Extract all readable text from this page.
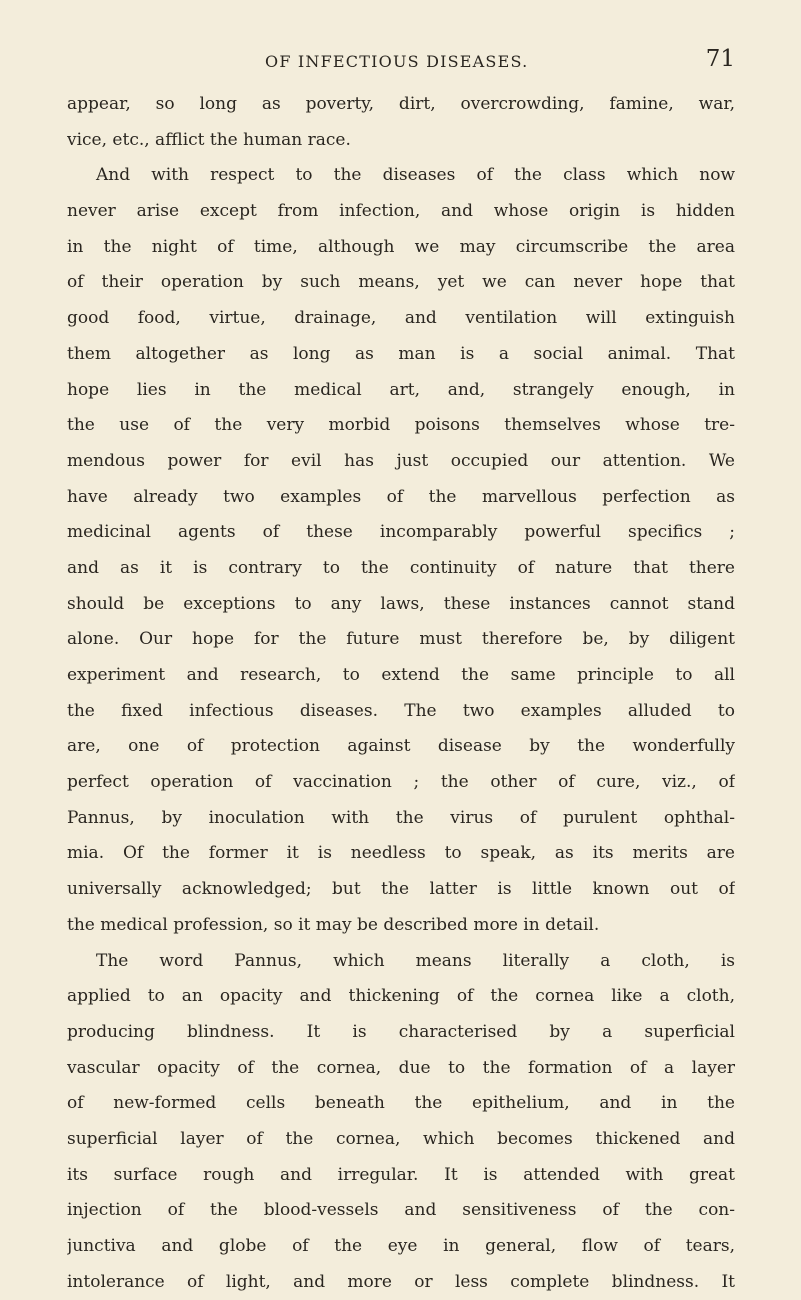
OF INFECTIOUS DISEASES.	71
appear, so long as poverty, dirt, overcrowding, famine, war,
vice, etc., afflict the human race.
And with respect to the diseases of the class which now
never arise except from infection, and whose origin is hidden
in the night of time, although we may circumscribe the area
of their operation by such means, yet we can never hope that
good food, virtue, drainage, and ventilation will extinguish
them altogether as long as man is a social animal. That
hope lies in the medical art, and, strangely enough, in
the use of the very morbid poisons themselves whose tre-
mendous power for evil has just occupied our attention. We
have already two examples of the marvellous perfection as
medicinal agents of these incomparably powerful specifics ;
and as it is contrary to the continuity of nature that there
should be exceptions to any laws, these instances cannot stand
alone. Our hope for the future must therefore be, by diligent
experiment and research, to extend the same principle to all
the fixed infectious diseases. The two examples alluded to
are, one of protection against disease by the wonderfully
perfect operation of vaccination ; the other of cure, viz., of
Pannus, by inoculation with the virus of purulent ophthal-
mia. Of the former it is needless to speak, as its merits are
universally acknowledged; but the latter is little known out of
the medical profession, so it may be described more in detail.
The word Pannus, which means literally a cloth, is
applied to an opacity and thickening of the cornea like a cloth,
producing blindness. It is characterised by a superficial
vascular opacity of the cornea, due to the formation of a layer
of new-formed cells beneath the epithelium, and in the
superficial layer of the cornea, which becomes thickened and
its surface rough and irregular. It is attended with great
injection of the blood-vessels and sensitiveness of the con-
junctiva and globe of the eye in general, flow of tears,
intolerance of light, and more or less complete blindness. It
